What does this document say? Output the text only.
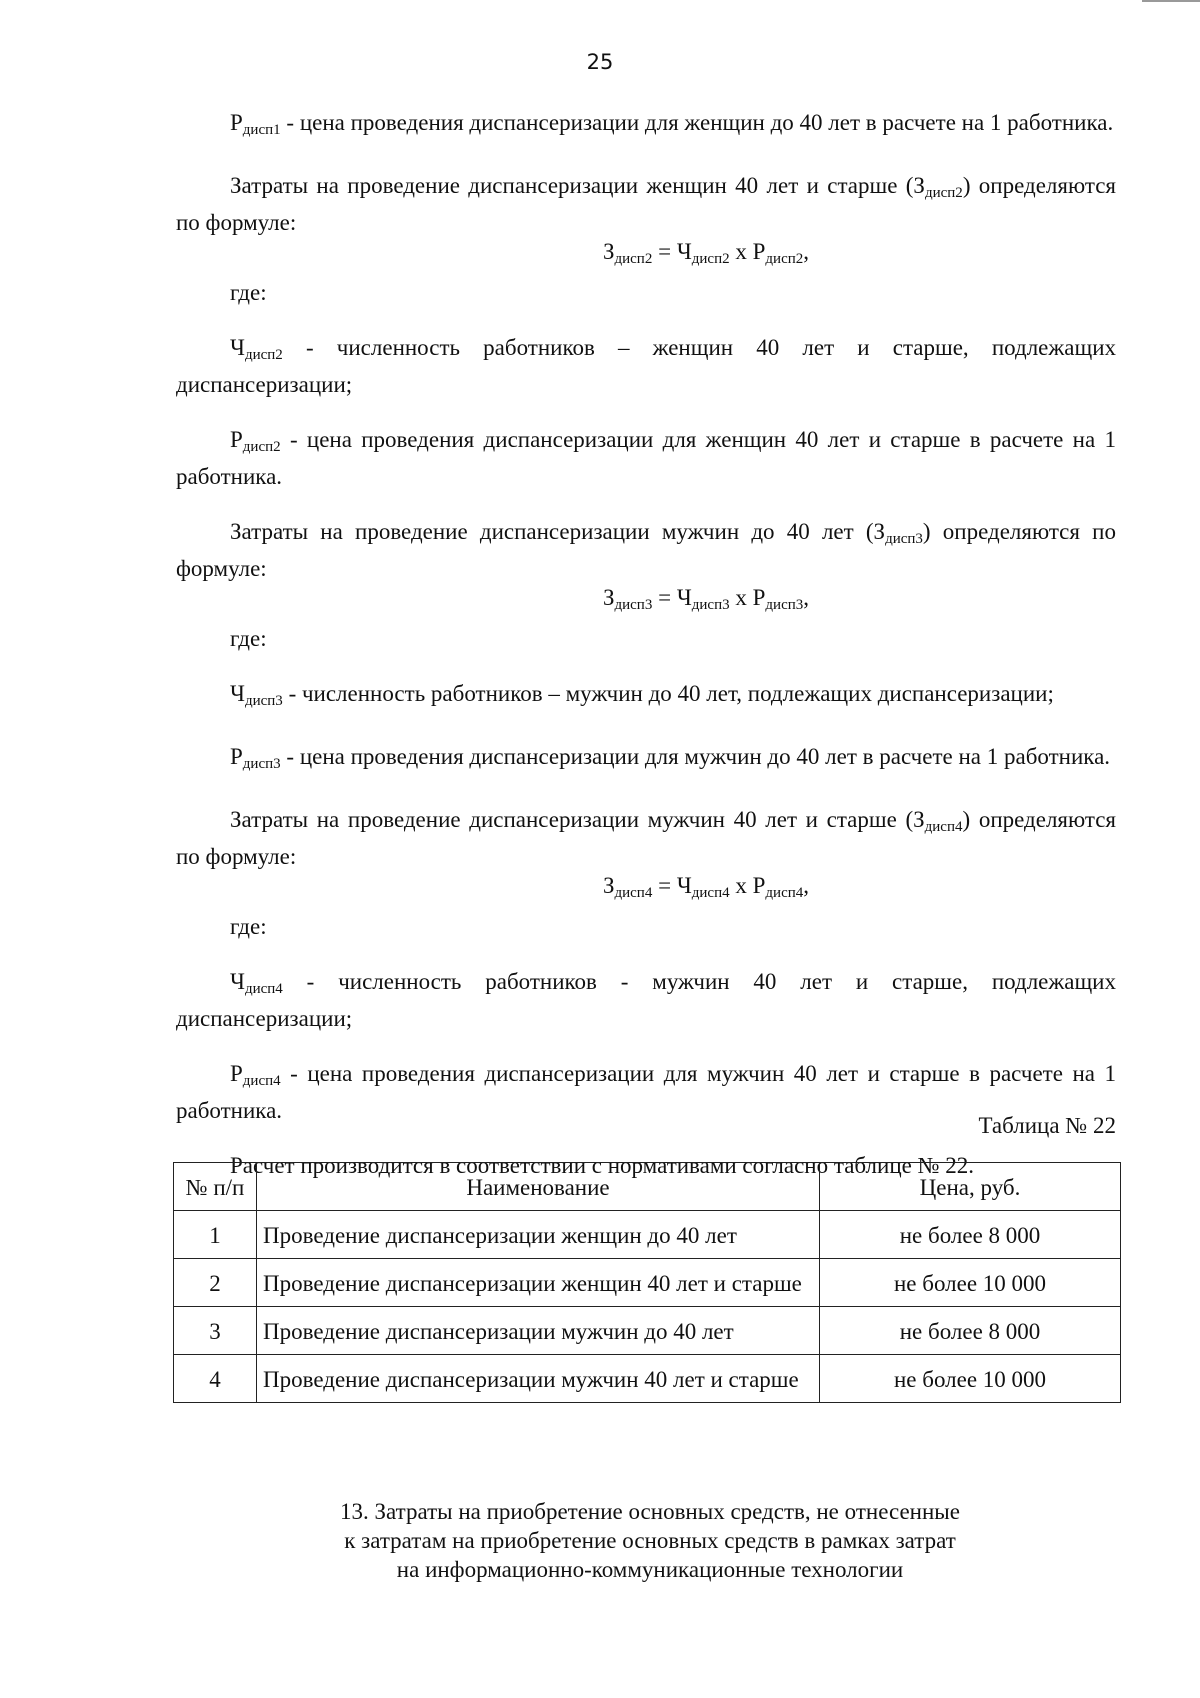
25

$Р_{дисп1}$ - цена проведения диспансеризации для женщин до 40 лет в расчете на 1 работника.

Затраты на проведение диспансеризации женщин 40 лет и старше $(З_{дисп2})$ определяются по формуле:

$З_{дисп2} = Ч_{дисп2}$ х $Р_{дисп2}$,

где:

$Ч_{дисп2}$ - численность работников – женщин 40 лет и старше, подлежащих диспансеризации;

$Р_{дисп2}$ - цена проведения диспансеризации для женщин 40 лет и старше в расчете на 1 работника.

Затраты на проведение диспансеризации мужчин до 40 лет $(З_{дисп3})$ определяются по формуле:

$З_{дисп3} = Ч_{дисп3}$ х $Р_{дисп3}$,

где:

$Ч_{дисп3}$ - численность работников – мужчин до 40 лет, подлежащих диспансеризации;

$Р_{дисп3}$ - цена проведения диспансеризации для мужчин до 40 лет в расчете на 1 работника.

Затраты на проведение диспансеризации мужчин 40 лет и старше $(З_{дисп4})$ определяются по формуле:

$З_{дисп4} = Ч_{дисп4}$ х $Р_{дисп4}$,

где:

$Ч_{дисп4}$ - численность работников - мужчин 40 лет и старше, подлежащих диспансеризации;

$Р_{дисп4}$ - цена проведения диспансеризации для мужчин 40 лет и старше в расчете на 1 работника.

Расчет производится в соответствии с нормативами согласно таблице № 22.

Таблица № 22
№ п/п	Наименование	Цена, руб.
1	Проведение диспансеризации женщин до 40 лет	не более 8 000
2	Проведение диспансеризации женщин 40 лет и старше	не более 10 000
3	Проведение диспансеризации мужчин до 40 лет	не более 8 000
4	Проведение диспансеризации мужчин 40 лет и старше	не более 10 000
13. Затраты на приобретение основных средств, не отнесенные
к затратам на приобретение основных средств в рамках затрат
на информационно-коммуникационные технологии
